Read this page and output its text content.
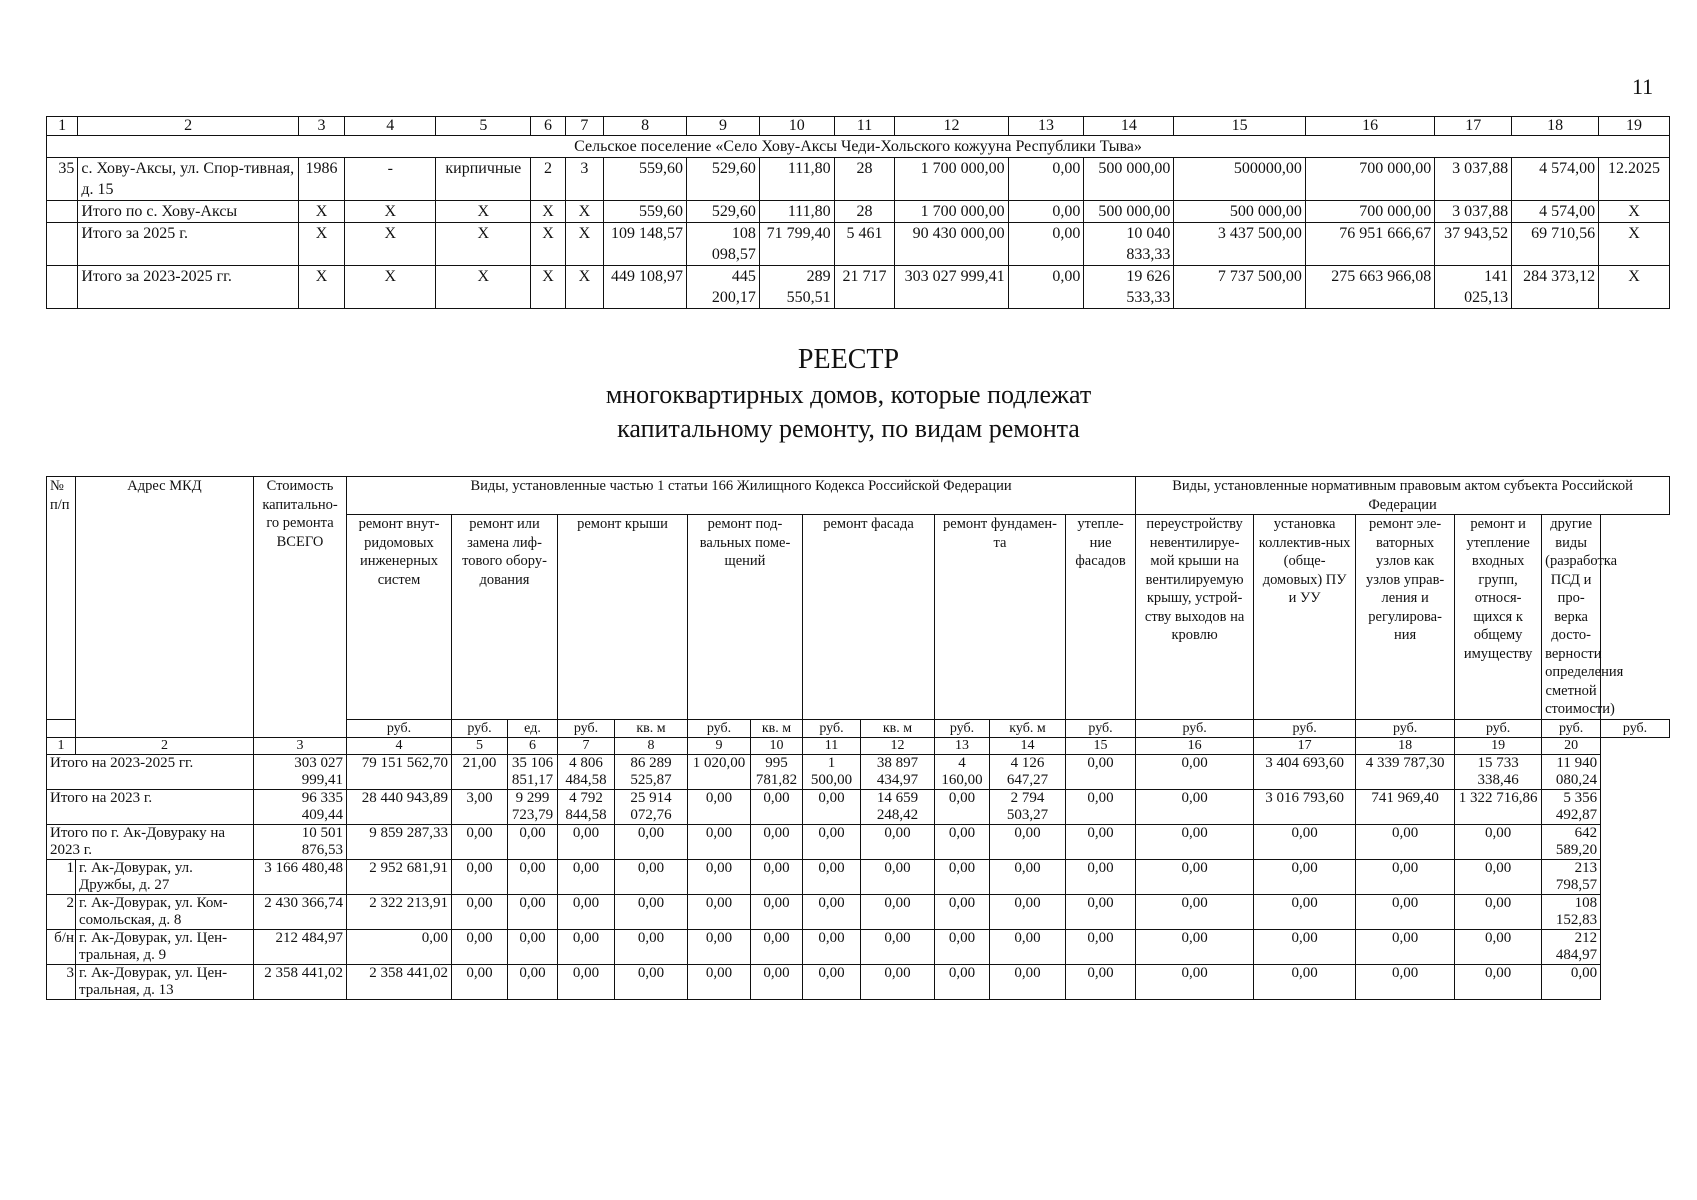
11
1	2	3	4	5	6	7	8	9	10	11	12	13	14	15	16	17	18	19
Сельское поселение «Село Хову-Аксы Чеди-Хольского кожууна Республики Тыва»																		
35	с. Хову-Аксы, ул. Спор-тивная, д. 15	1986	-	кирпичные	2	3	559,60	529,60	111,80	28	1 700 000,00	0,00	500 000,00	500000,00	700 000,00	3 037,88	4 574,00	12.2025
	Итого по с. Хову-Аксы	X	X	X	X	X	559,60	529,60	111,80	28	1 700 000,00	0,00	500 000,00	500 000,00	700 000,00	3 037,88	4 574,00	X
	Итого за 2025 г.	X	X	X	X	X	109 148,57	108 098,57	71 799,40	5 461	90 430 000,00	0,00	10 040 833,33	3 437 500,00	76 951 666,67	37 943,52	69 710,56	X
	Итого за 2023-2025 гг.	X	X	X	X	X	449 108,97	445 200,17	289 550,51	21 717	303 027 999,41	0,00	19 626 533,33	7 737 500,00	275 663 966,08	141 025,13	284 373,12	X
РЕЕСТР
многоквартирных домов, которые подлежат
капитальному ремонту, по видам ремонта
№ п/п	Адрес МКД	Стоимость капитально-го ремонта ВСЕГО	Виды, установленные частью 1 статьи 166 Жилищного Кодекса Российской Федерации												Виды, установленные нормативным правовым актом субъекта Российской Федерации					
			ремонт внут-ридомовых инженерных систем	ремонт или замена лиф-тового обору-дования		ремонт крыши		ремонт под-вальных поме-щений		ремонт фасада		ремонт фундамен-та		утепле-ние фасадов	переустройству невентилируе-мой крыши на вентилируемую крышу, устрой-ству выходов на кровлю	установка коллектив-ных (обще-домовых) ПУ и УУ	ремонт эле-ваторных узлов как узлов управ-ления и регулирова-ния	ремонт и утепление входных групп, относя-щихся к общему имуществу	другие виды (разработка ПСД и про-верка досто-верности определения сметной стоимости)	
			руб.	руб.	ед.	руб.	кв. м	руб.	кв. м	руб.	кв. м	руб.	куб. м	руб.	руб.	руб.	руб.	руб.	руб.	руб.
1	2	3	4	5	6	7	8	9	10	11	12	13	14	15	16	17	18	19	20	
Итого на 2023-2025 гг.		303 027 999,41	79 151 562,70	21,00	35 106 851,17	4 806 484,58	86 289 525,87	1 020,00	995 781,82	1 500,00	38 897 434,97	4 160,00	4 126 647,27	0,00	0,00	3 404 693,60	4 339 787,30	15 733 338,46	11 940 080,24	
Итого на 2023 г.		96 335 409,44	28 440 943,89	3,00	9 299 723,79	4 792 844,58	25 914 072,76	0,00	0,00	0,00	14 659 248,42	0,00	2 794 503,27	0,00	0,00	3 016 793,60	741 969,40	1 322 716,86	5 356 492,87	
Итого по г. Ак-Довураку на 2023 г.		10 501 876,53	9 859 287,33	0,00	0,00	0,00	0,00	0,00	0,00	0,00	0,00	0,00	0,00	0,00	0,00	0,00	0,00	0,00	642 589,20	
1	г. Ак-Довурак, ул. Дружбы, д. 27	3 166 480,48	2 952 681,91	0,00	0,00	0,00	0,00	0,00	0,00	0,00	0,00	0,00	0,00	0,00	0,00	0,00	0,00	0,00	213 798,57	
2	г. Ак-Довурак, ул. Ком-сомольская, д. 8	2 430 366,74	2 322 213,91	0,00	0,00	0,00	0,00	0,00	0,00	0,00	0,00	0,00	0,00	0,00	0,00	0,00	0,00	0,00	108 152,83	
б/н	г. Ак-Довурак, ул. Цен-тральная, д. 9	212 484,97	0,00	0,00	0,00	0,00	0,00	0,00	0,00	0,00	0,00	0,00	0,00	0,00	0,00	0,00	0,00	0,00	212 484,97	
3	г. Ак-Довурак, ул. Цен-тральная, д. 13	2 358 441,02	2 358 441,02	0,00	0,00	0,00	0,00	0,00	0,00	0,00	0,00	0,00	0,00	0,00	0,00	0,00	0,00	0,00	0,00	
